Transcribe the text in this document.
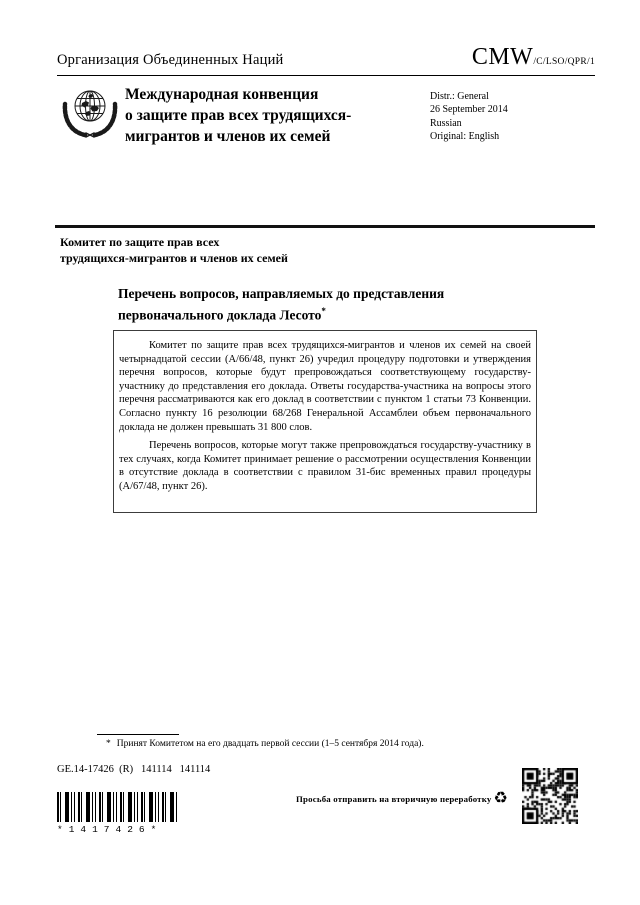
Организация Объединенных Наций	CMW/C/LSO/QPR/1
Международная конвенция
о защите прав всех трудящихся-
мигрантов и членов их семей
Distr.: General
26 September 2014
Russian
Original: English
Комитет по защите прав всех
трудящихся-мигрантов и членов их семей
Перечень вопросов, направляемых до представления
первоначального доклада Лесото*

Комитет по защите прав всех трудящихся-мигрантов и членов их семей на своей четырнадцатой сессии (A/66/48, пункт 26) учредил процедуру подготовки и утверждения перечня вопросов, которые будут препровождаться соответствующему государству-участнику до представления его доклада. Ответы государства-участника на вопросы этого перечня рассматриваются как его доклад в соответствии с пунктом 1 статьи 73 Конвенции. Согласно пункту 16 резолюции 68/268 Генеральной Ассамблеи объем первоначального доклада не должен превышать 31 800 слов.

Перечень вопросов, которые могут также препровождаться государству-участнику в тех случаях, когда Комитет принимает решение о рассмотрении осуществления Конвенции в отсутствие доклада в соответствии с правилом 31-бис временных правил процедуры (A/67/48, пункт 26).

* Принят Комитетом на его двадцать первой сессии (1–5 сентября 2014 года).
GE.14-17426  (R)   141114   141114
*1417426*
Просьба отправить на вторичную переработку ♻
